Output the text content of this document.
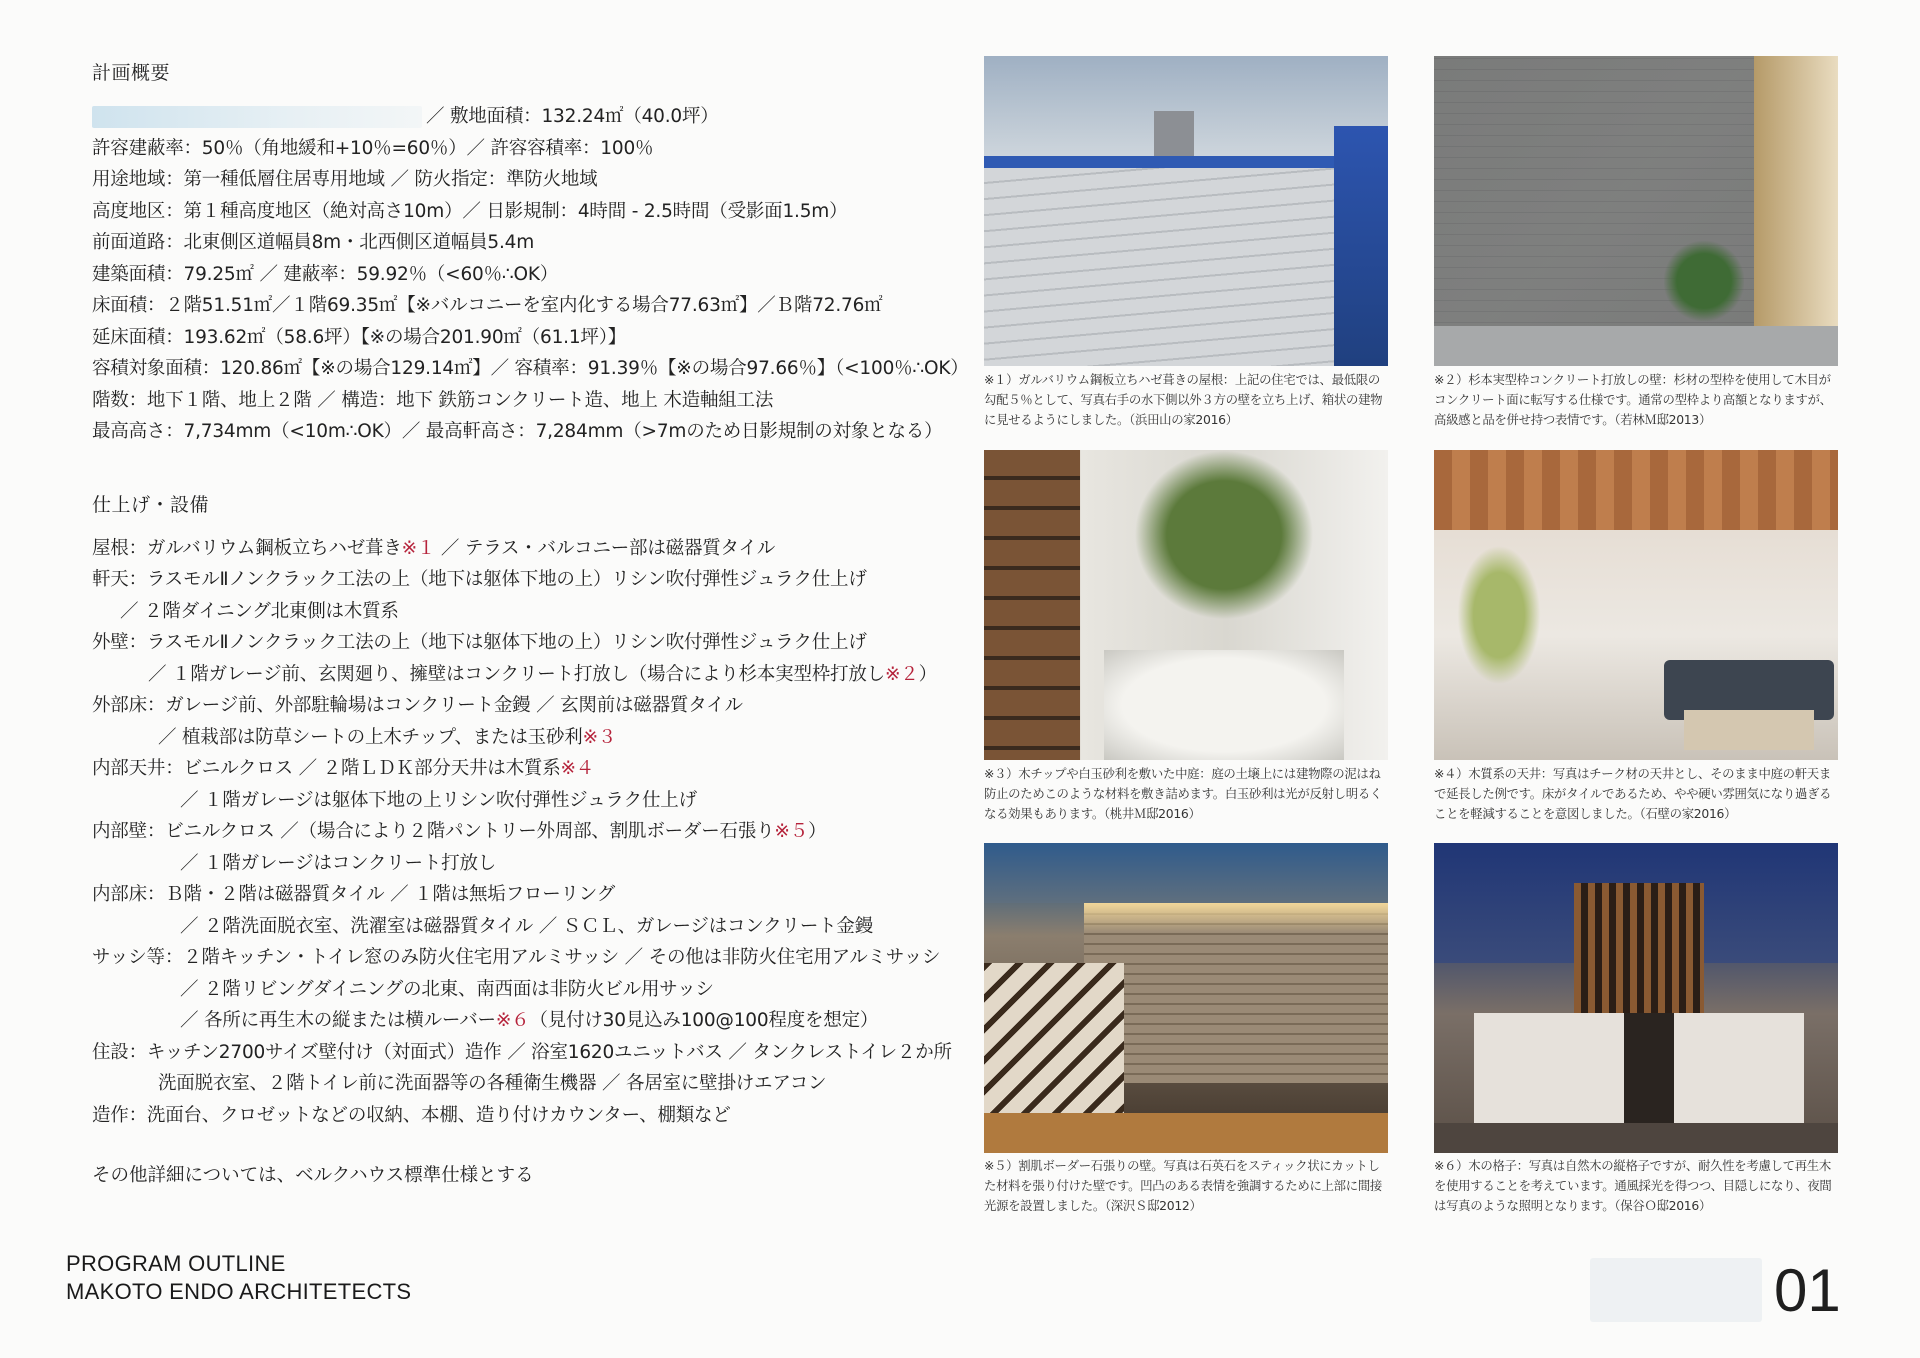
計画概要
／ 敷地面積：132.24㎡（40.0坪）
許容建蔽率：50％（角地緩和+10％=60％）／ 許容容積率：100％
用途地域：第一種低層住居専用地域 ／ 防火指定：準防火地域
高度地区：第１種高度地区（絶対高さ10m）／ 日影規制：4時間 - 2.5時間（受影面1.5m）
前面道路：北東側区道幅員8m・北西側区道幅員5.4m
建築面積：79.25㎡ ／ 建蔽率：59.92％（<60％∴OK）
床面積：２階51.51㎡／１階69.35㎡【※バルコニーを室内化する場合77.63㎡】／Ｂ階72.76㎡
延床面積：193.62㎡（58.6坪）【※の場合201.90㎡（61.1坪）】
容積対象面積：120.86㎡【※の場合129.14㎡】／ 容積率：91.39％【※の場合97.66％】（<100％∴OK）
階数：地下１階、地上２階 ／ 構造：地下 鉄筋コンクリート造、地上 木造軸組工法
最高高さ：7,734mm（<10m∴OK）／ 最高軒高さ：7,284mm（>7mのため日影規制の対象となる）
仕上げ・設備
屋根：ガルバリウム鋼板立ちハゼ葺き※１ ／ テラス・バルコニー部は磁器質タイル
軒天：ラスモルⅡノンクラック工法の上（地下は躯体下地の上）リシン吹付弾性ジュラク仕上げ
／ ２階ダイニング北東側は木質系
外壁：ラスモルⅡノンクラック工法の上（地下は躯体下地の上）リシン吹付弾性ジュラク仕上げ
／ １階ガレージ前、玄関廻り、擁壁はコンクリート打放し（場合により杉本実型枠打放し※２）
外部床：ガレージ前、外部駐輪場はコンクリート金鏝 ／ 玄関前は磁器質タイル
／ 植栽部は防草シートの上木チップ、または玉砂利※３
内部天井：ビニルクロス ／ ２階ＬＤＫ部分天井は木質系※４
／ １階ガレージは躯体下地の上リシン吹付弾性ジュラク仕上げ
内部壁：ビニルクロス ／（場合により２階パントリー外周部、割肌ボーダー石張り※５）
／ １階ガレージはコンクリート打放し
内部床：Ｂ階・２階は磁器質タイル ／ １階は無垢フローリング
／ ２階洗面脱衣室、洗濯室は磁器質タイル ／ ＳＣＬ、ガレージはコンクリート金鏝
サッシ等：２階キッチン・トイレ窓のみ防火住宅用アルミサッシ ／ その他は非防火住宅用アルミサッシ
／ ２階リビングダイニングの北東、南西面は非防火ビル用サッシ
／ 各所に再生木の縦または横ルーバー※６（見付け30見込み100@100程度を想定）
住設：キッチン2700サイズ壁付け（対面式）造作 ／ 浴室1620ユニットバス ／ タンクレストイレ２か所
洗面脱衣室、２階トイレ前に洗面器等の各種衛生機器 ／ 各居室に壁掛けエアコン
造作：洗面台、クロゼットなどの収納、本棚、造り付けカウンター、棚類など
その他詳細については、ベルクハウス標準仕様とする
PROGRAM OUTLINE
MAKOTO ENDO ARCHITETECTS
※１）ガルバリウム鋼板立ちハゼ葺きの屋根：上記の住宅では、最低限の勾配５％として、写真右手の水下側以外３方の壁を立ち上げ、箱状の建物に見せるようにしました。（浜田山の家2016）
※２）杉本実型枠コンクリート打放しの壁：杉材の型枠を使用して木目がコンクリート面に転写する仕様です。通常の型枠より高額となりますが、高級感と品を併せ持つ表情です。（若林Ｍ邸2013）
※３）木チップや白玉砂利を敷いた中庭：庭の土壌上には建物際の泥はね防止のためこのような材料を敷き詰めます。白玉砂利は光が反射し明るくなる効果もあります。（桃井Ｍ邸2016）
※４）木質系の天井：写真はチーク材の天井とし、そのまま中庭の軒天まで延長した例です。床がタイルであるため、やや硬い雰囲気になり過ぎることを軽減することを意図しました。（石壁の家2016）
※５）割肌ボーダー石張りの壁。写真は石英石をスティック状にカットした材料を張り付けた壁です。凹凸のある表情を強調するために上部に間接光源を設置しました。（深沢Ｓ邸2012）
※６）木の格子：写真は自然木の縦格子ですが、耐久性を考慮して再生木を使用することを考えています。通風採光を得つつ、目隠しになり、夜間は写真のような照明となります。（保谷Ｏ邸2016）
01
